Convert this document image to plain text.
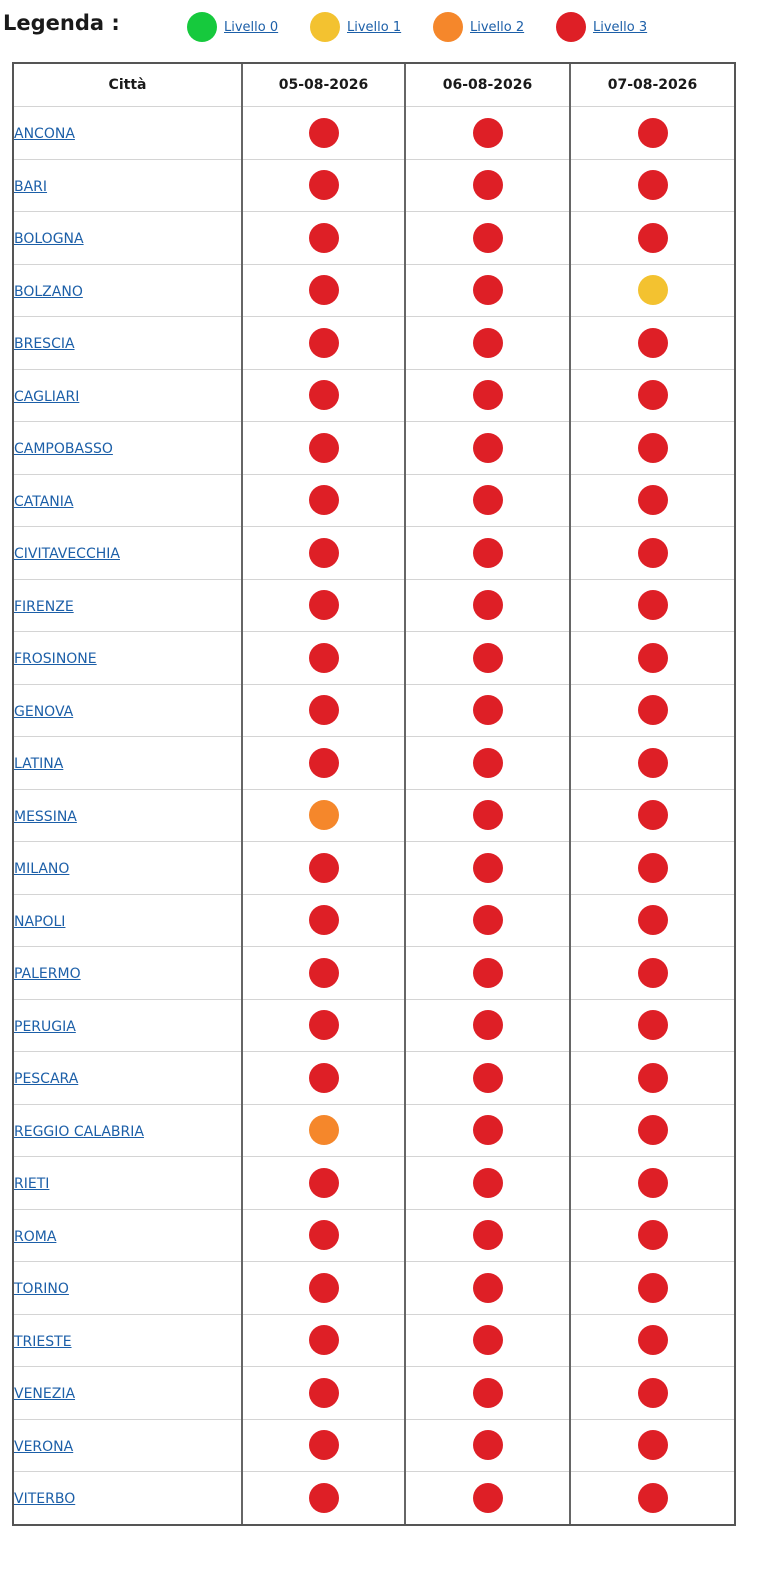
Legenda :	Livello 0	Livello 1	Livello 2	Livello 3
Città	05-08-2026	06-08-2026	07-08-2026
ANCONA			
BARI			
BOLOGNA			
BOLZANO			
BRESCIA			
CAGLIARI			
CAMPOBASSO			
CATANIA			
CIVITAVECCHIA			
FIRENZE			
FROSINONE			
GENOVA			
LATINA			
MESSINA			
MILANO			
NAPOLI			
PALERMO			
PERUGIA			
PESCARA			
REGGIO CALABRIA			
RIETI			
ROMA			
TORINO			
TRIESTE			
VENEZIA			
VERONA			
VITERBO			
